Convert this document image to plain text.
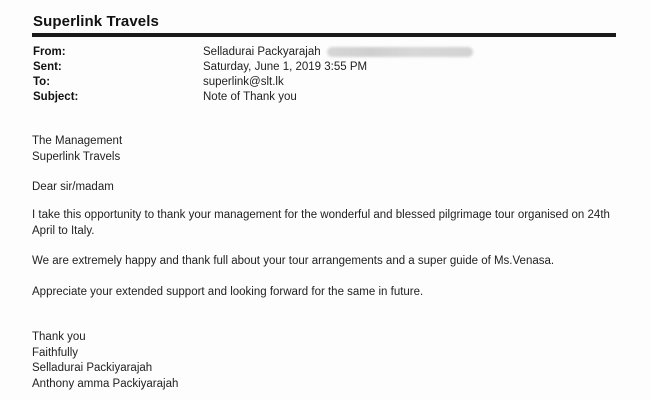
Superlink Travels
From:	Selladurai Packyarajah
Sent:	Saturday, June 1, 2019 3:55 PM
To:	superlink@slt.lk
Subject:	Note of Thank you
The Management
Superlink Travels
Dear sir/madam
I take this opportunity to thank your management for the wonderful and blessed pilgrimage tour organised on 24th
April to Italy.
We are extremely happy and thank full about your tour arrangements and a super guide of Ms.Venasa.
Appreciate your extended support and looking forward for the same in future.
Thank you
Faithfully
Selladurai Packiyarajah
Anthony amma Packiyarajah
